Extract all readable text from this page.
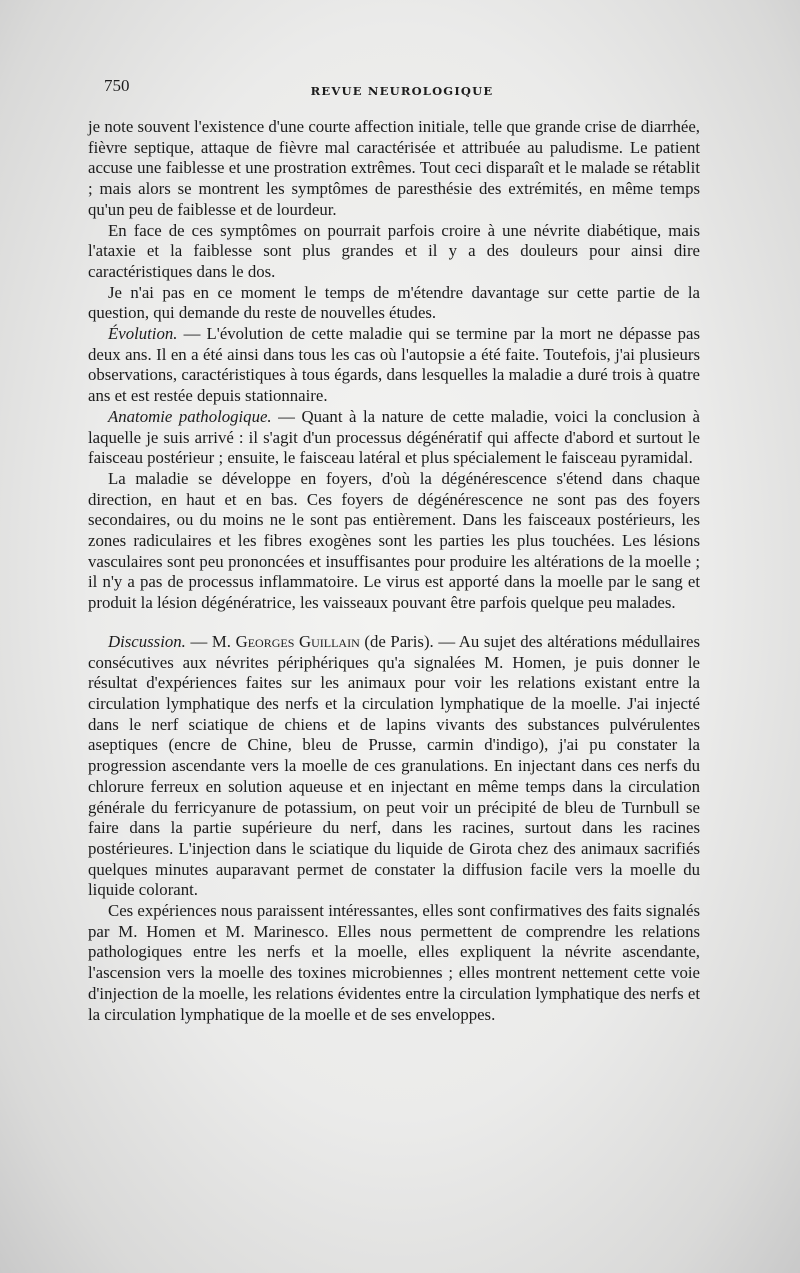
750	REVUE NEUROLOGIQUE

je note souvent l'existence d'une courte affection initiale, telle que grande crise de diarrhée, fièvre septique, attaque de fièvre mal caractérisée et attribuée au paludisme. Le patient accuse une faiblesse et une prostration extrêmes. Tout ceci disparaît et le malade se rétablit ; mais alors se montrent les symptômes de paresthésie des extrémités, en même temps qu'un peu de faiblesse et de lourdeur.

En face de ces symptômes on pourrait parfois croire à une névrite diabétique, mais l'ataxie et la faiblesse sont plus grandes et il y a des douleurs pour ainsi dire caractéristiques dans le dos.

Je n'ai pas en ce moment le temps de m'étendre davantage sur cette partie de la question, qui demande du reste de nouvelles études.

Évolution. — L'évolution de cette maladie qui se termine par la mort ne dépasse pas deux ans. Il en a été ainsi dans tous les cas où l'autopsie a été faite. Toutefois, j'ai plusieurs observations, caractéristiques à tous égards, dans lesquelles la maladie a duré trois à quatre ans et est restée depuis stationnaire.

Anatomie pathologique. — Quant à la nature de cette maladie, voici la conclusion à laquelle je suis arrivé : il s'agit d'un processus dégénératif qui affecte d'abord et surtout le faisceau postérieur ; ensuite, le faisceau latéral et plus spécialement le faisceau pyramidal.

La maladie se développe en foyers, d'où la dégénérescence s'étend dans chaque direction, en haut et en bas. Ces foyers de dégénérescence ne sont pas des foyers secondaires, ou du moins ne le sont pas entièrement. Dans les faisceaux postérieurs, les zones radiculaires et les fibres exogènes sont les parties les plus touchées. Les lésions vasculaires sont peu prononcées et insuffisantes pour produire les altérations de la moelle ; il n'y a pas de processus inflammatoire. Le virus est apporté dans la moelle par le sang et produit la lésion dégénératrice, les vaisseaux pouvant être parfois quelque peu malades.

Discussion. — M. Georges Guillain (de Paris). — Au sujet des altérations médullaires consécutives aux névrites périphériques qu'a signalées M. Homen, je puis donner le résultat d'expériences faites sur les animaux pour voir les relations existant entre la circulation lymphatique des nerfs et la circulation lymphatique de la moelle. J'ai injecté dans le nerf sciatique de chiens et de lapins vivants des substances pulvérulentes aseptiques (encre de Chine, bleu de Prusse, carmin d'indigo), j'ai pu constater la progression ascendante vers la moelle de ces granulations. En injectant dans ces nerfs du chlorure ferreux en solution aqueuse et en injectant en même temps dans la circulation générale du ferricyanure de potassium, on peut voir un précipité de bleu de Turnbull se faire dans la partie supérieure du nerf, dans les racines, surtout dans les racines postérieures. L'injection dans le sciatique du liquide de Girota chez des animaux sacrifiés quelques minutes auparavant permet de constater la diffusion facile vers la moelle du liquide colorant.

Ces expériences nous paraissent intéressantes, elles sont confirmatives des faits signalés par M. Homen et M. Marinesco. Elles nous permettent de comprendre les relations pathologiques entre les nerfs et la moelle, elles expliquent la névrite ascendante, l'ascension vers la moelle des toxines microbiennes ; elles montrent nettement cette voie d'injection de la moelle, les relations évidentes entre la circulation lymphatique des nerfs et la circulation lymphatique de la moelle et de ses enveloppes.
